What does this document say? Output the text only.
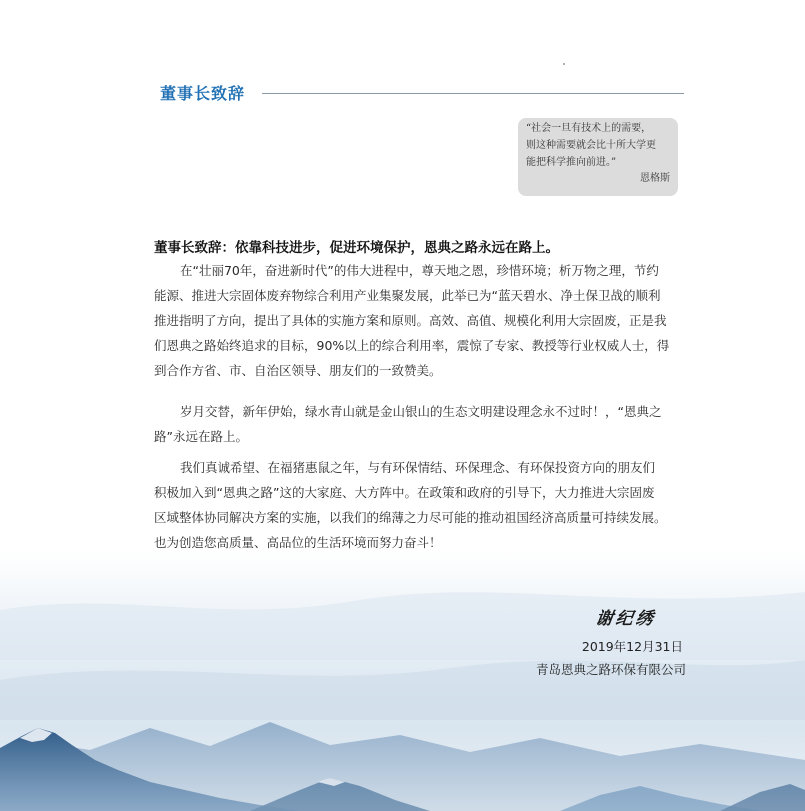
董事长致辞
“社会一旦有技术上的需要，
则这种需要就会比十所大学更
能把科学推向前进。”
恩格斯
董事长致辞：依靠科技进步，促进环境保护，恩典之路永远在路上。
在“壮丽70年，奋进新时代”的伟大进程中，尊天地之恩，珍惜环境；析万物之理，节约
能源、推进大宗固体废弃物综合利用产业集聚发展，此举已为“蓝天碧水、净土保卫战的顺利
推进指明了方向，提出了具体的实施方案和原则。高效、高值、规模化利用大宗固废，正是我
们恩典之路始终追求的目标，90%以上的综合利用率，震惊了专家、教授等行业权威人士，得
到合作方省、市、自治区领导、朋友们的一致赞美。
岁月交替，新年伊始，绿水青山就是金山银山的生态文明建设理念永不过时！，“恩典之
路”永远在路上。
我们真诚希望、在福猪惠鼠之年，与有环保情结、环保理念、有环保投资方向的朋友们
积极加入到“恩典之路”这的大家庭、大方阵中。在政策和政府的引导下，大力推进大宗固废
区域整体协同解决方案的实施，以我们的绵薄之力尽可能的推动祖国经济高质量可持续发展。
也为创造您高质量、高品位的生活环境而努力奋斗！
谢纪绣
2019年12月31日
青岛恩典之路环保有限公司
